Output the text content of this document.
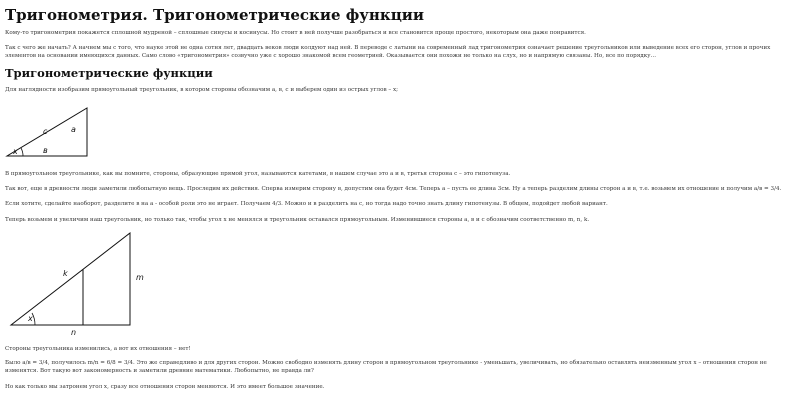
Тригонометрия. Тригонометрические функции

Кому-то тригонометрия покажется сплошной мудреной – сплошные синусы и косинусы. Но стоит в ней получше разобраться и все становится проще простого, некоторым она даже понравится.

Так с чего же начать? А начнем мы с того, что науке этой не одна сотня лет, двадцать веков люди колдуют над ней. В переводе с латыни на современный лад тригонометрия означает решение треугольников или выведение всех его сторон, углов и прочих элементов на основании имеющихся данных. Само слово «тригонометрия» созвучно уже с хорошо знакомой всем геометрией. Оказывается они похожи не только на слух, но и напрямую связаны. Но, все по порядку…

Тригонометрические функции

Для наглядности изобразим прямоугольный треугольник, в котором стороны обозначим a, в, с и выберем один из острых углов – x;

c	a
x	в

В прямоугольном треугольнике, как вы помните, стороны, образующие прямой угол, называются катетами, в нашем случае это а и в, третья сторона с – это гипотенуза.

Так вот, еще в древности люди заметили любопытную вещь. Проследим их действия. Сперва измерим сторону в, допустим она будет 4см. Теперь а – пусть ее длина 3см. Ну а теперь разделим длины сторон а и в, т.е. возьмем их отношение и получим a/в = 3/4.

Если хотите, сделайте наоборот, разделите в на а - особой роли это не играет. Получаем 4/3. Можно и в разделить на с, но тогда надо точно знать длину гипотенузы. В общем, подойдет любой вариант.

Теперь возьмем и увеличим наш треугольник, но только так, чтобы угол x не менялся и треугольник оставался прямоугольным. Изменившиеся стороны а, в и с обозначим соответственно m, n, k.

k	m
x
n

Стороны треугольника изменились, а вот их отношения – нет!

Было a/в = 3/4, получилось m/n = 6/8 = 3/4. Это же справедливо и для других сторон. Можно свободно изменять длину сторон в прямоугольном треугольнике - уменьшать, увеличивать, но обязательно оставлять неизменным угол x – отношения сторон не изменятся. Вот такую вот закономерность и заметили древние математики. Любопытно, не правда ли?

Но как только мы затронем угол x, сразу все отношения сторон меняются. И это имеет большое значение.
